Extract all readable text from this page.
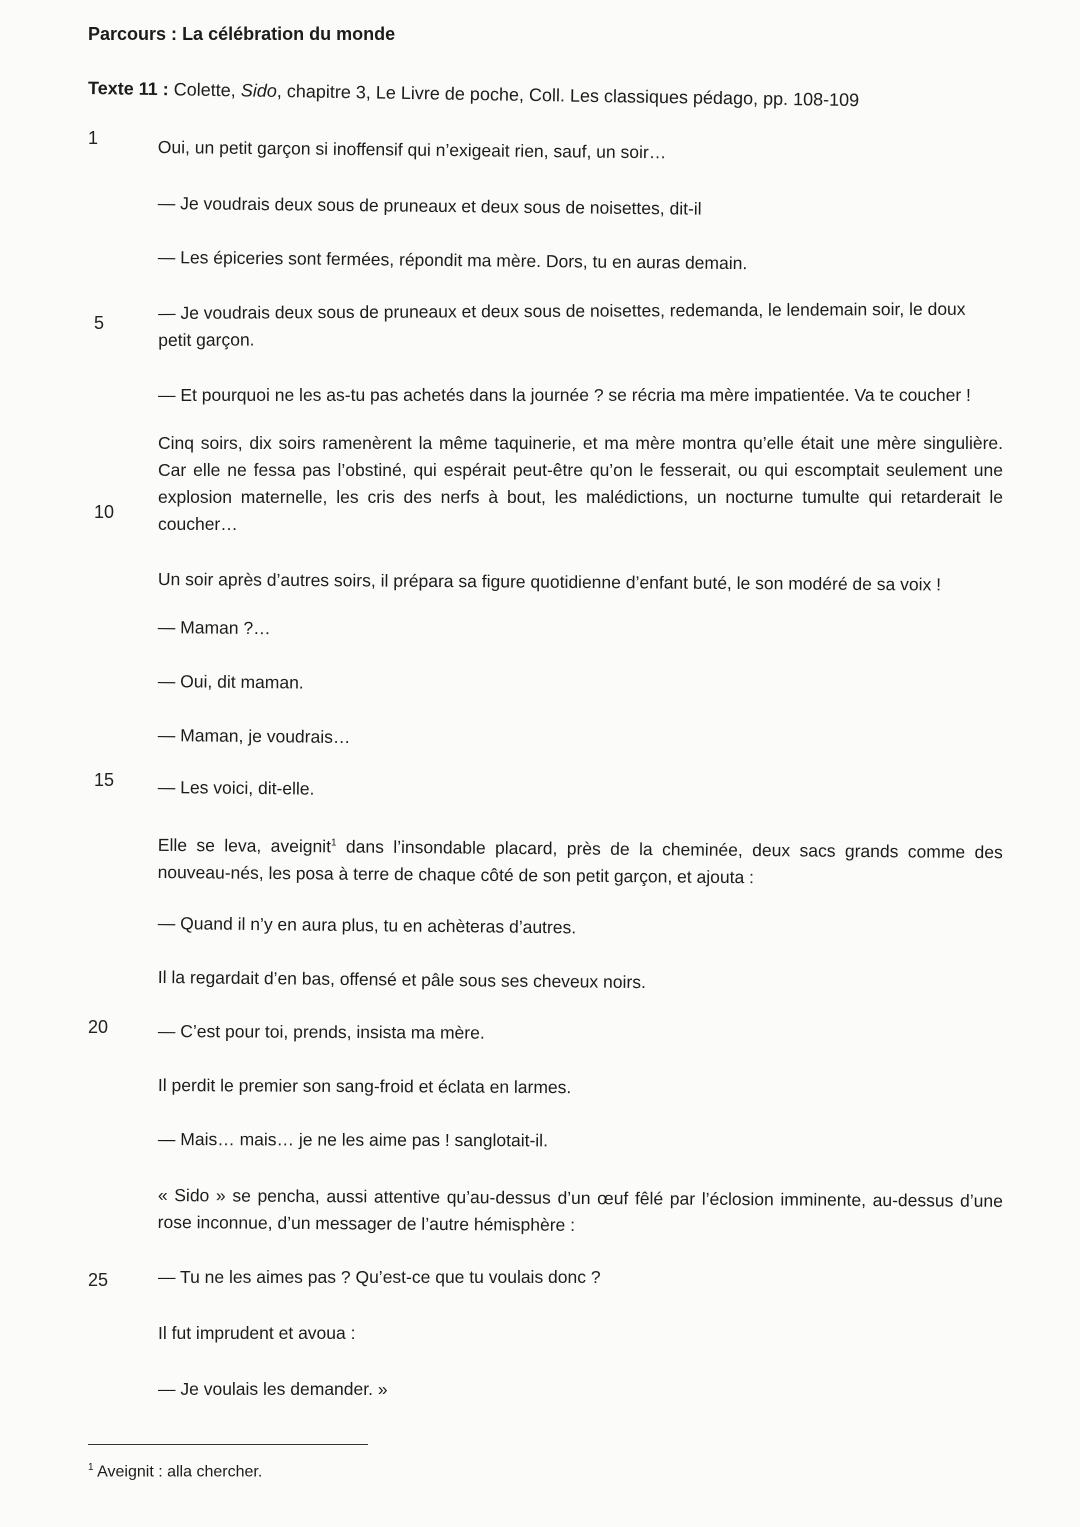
Parcours : La célébration du monde
Texte 11 : Colette, Sido, chapitre 3, Le Livre de poche, Coll. Les classiques pédago, pp. 108-109
1
5
10
15
20
25
Oui, un petit garçon si inoffensif qui n’exigeait rien, sauf, un soir…
— Je voudrais deux sous de pruneaux et deux sous de noisettes, dit-il
— Les épiceries sont fermées, répondit ma mère. Dors, tu en auras demain.
— Je voudrais deux sous de pruneaux et deux sous de noisettes, redemanda, le lendemain soir, le doux petit garçon.
— Et pourquoi ne les as-tu pas achetés dans la journée ? se récria ma mère impatientée. Va te coucher !
Cinq soirs, dix soirs ramenèrent la même taquinerie, et ma mère montra qu’elle était une mère singulière. Car elle ne fessa pas l’obstiné, qui espérait peut-être qu’on le fesserait, ou qui escomptait seulement une explosion maternelle, les cris des nerfs à bout, les malédictions, un nocturne tumulte qui retarderait le coucher…
Un soir après d’autres soirs, il prépara sa figure quotidienne d’enfant buté, le son modéré de sa voix !
— Maman ?…
— Oui, dit maman.
— Maman, je voudrais…
— Les voici, dit-elle.
Elle se leva, aveignit$^1$ dans l’insondable placard, près de la cheminée, deux sacs grands comme des nouveau-nés, les posa à terre de chaque côté de son petit garçon, et ajouta :
— Quand il n’y en aura plus, tu en achèteras d’autres.
Il la regardait d’en bas, offensé et pâle sous ses cheveux noirs.
— C’est pour toi, prends, insista ma mère.
Il perdit le premier son sang-froid et éclata en larmes.
— Mais… mais… je ne les aime pas ! sanglotait-il.
« Sido » se pencha, aussi attentive qu’au-dessus d’un œuf fêlé par l’éclosion imminente, au-dessus d’une rose inconnue, d’un messager de l’autre hémisphère :
— Tu ne les aimes pas ? Qu’est-ce que tu voulais donc ?
Il fut imprudent et avoua :
— Je voulais les demander. »
$^1$ Aveignit : alla chercher.
